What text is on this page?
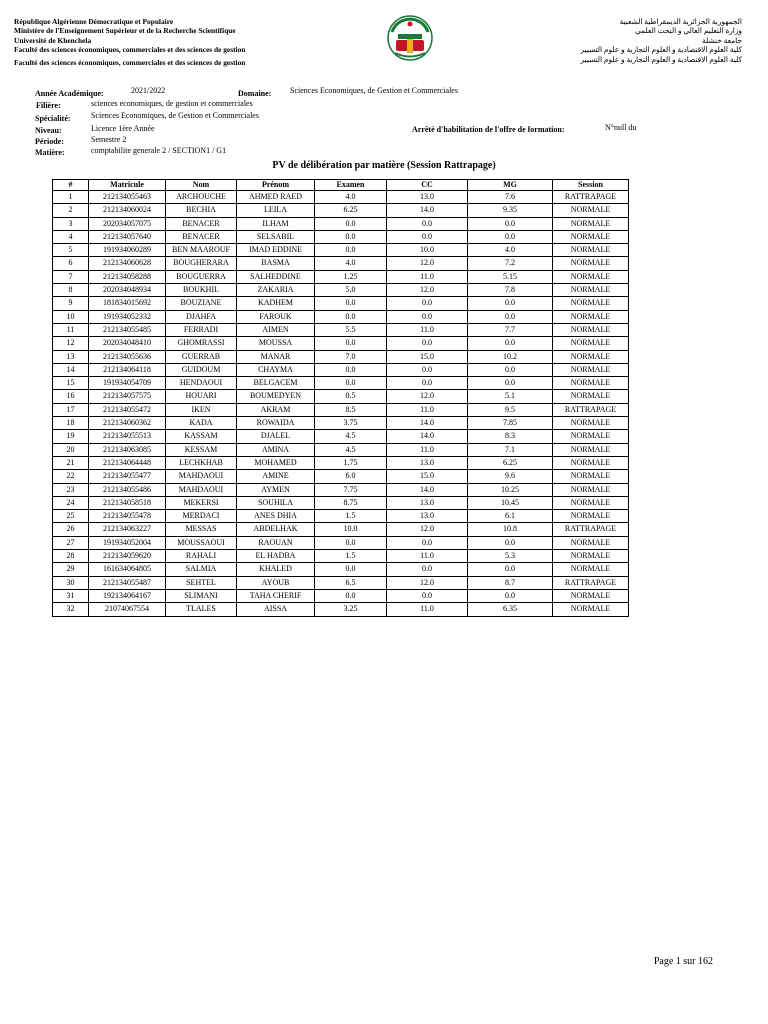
République Algérienne Démocratique et Populaire
Ministère de l'Enseignement Supérieur et de la Recherche Scientifique
Université de Khenchela
Faculté des sciences économiques, commerciales et des sciences de gestion
Faculté des sciences économiques, commerciales et des sciences de gestion
الجمهورية الجزائرية الديمقراطية الشعبية
وزارة التعليم العالي و البحث العلمي
جامعة خنشلة
كلية العلوم الاقتصادية و العلوم التجارية و علوم التسيير
كلية العلوم الاقتصادية و العلوم التجارية و علوم التسيير
Année Académique:	2021/2022	Domaine: Sciences Economiques, de Gestion et Commerciales
Filière:	sciences economiques, de gestion et commerciales
Spécialité:	Sciences Economiques, de Gestion et Commerciales
Niveau:	Licence 1ère Année	Arrêté d'habilitation de l'offre de formation:	N°null du
Période:	Semestre 2
Matière:	comptabilite generale 2 / SECTION1 / G1
PV de délibération par matière (Session Rattrapage)
#	Matricule	Nom	Prénom	Examen	CC	MG	Session
1	212134055463	ARCHOUCHE	AHMED RAED	4.0	13.0	7.6	RATTRAPAGE
2	212134060024	BECHIA	LEILA	6.25	14.0	9.35	NORMALE
3	202034057075	BENACER	ILHAM	0.0	0.0	0.0	NORMALE
4	212134057640	BENACER	SELSABIL	0.0	0.0	0.0	NORMALE
5	191934060289	BEN MAAROUF	IMAD EDDINE	0.0	10.0	4.0	NORMALE
6	212134060628	BOUGHERARA	BASMA	4.0	12.0	7.2	NORMALE
7	212134058288	BOUGUERRA	SALHEDDINE	1.25	11.0	5.15	NORMALE
8	202034048934	BOUKHIL	ZAKARIA	5.0	12.0	7.8	NORMALE
9	181834015692	BOUZIANE	KADHEM	0.0	0.0	0.0	NORMALE
10	191934052332	DJAHFA	FAROUK	0.0	0.0	0.0	NORMALE
11	212134055485	FERRADI	AIMEN	5.5	11.0	7.7	NORMALE
12	202034048410	GHOMRASSI	MOUSSA	0.0	0.0	0.0	NORMALE
13	212134055636	GUERRAB	MANAR	7.0	15.0	10.2	NORMALE
14	212134064118	GUIDOUM	CHAYMA	0.0	0.0	0.0	NORMALE
15	191934054709	HENDAOUI	BELGACEM	0.0	0.0	0.0	NORMALE
16	212134057575	HOUARI	BOUMEDYEN	0.5	12.0	5.1	NORMALE
17	212134055472	IKEN	AKRAM	8.5	11.0	9.5	RATTRAPAGE
18	212134060362	KADA	ROWAIDA	3.75	14.0	7.85	NORMALE
19	212134055513	KASSAM	DJALEL	4.5	14.0	8.3	NORMALE
20	212134063085	KESSAM	AMINA	4.5	11.0	7.1	NORMALE
21	212134064448	LECHKHAB	MOHAMED	1.75	13.0	6.25	NORMALE
22	212134055477	MAHDAOUI	AMINE	6.0	15.0	9.6	NORMALE
23	212134055486	MAHDAOUI	AYMEN	7.75	14.0	10.25	NORMALE
24	212134058518	MEKERSI	SOUHILA	8.75	13.0	10.45	NORMALE
25	212134055478	MERDACI	ANES DHIA	1.5	13.0	6.1	NORMALE
26	212134063227	MESSAS	ABDELHAK	10.0	12.0	10.8	RATTRAPAGE
27	191934052004	MOUSSAOUI	RAOUAN	0.0	0.0	0.0	NORMALE
28	212134059620	RAHALI	EL HADBA	1.5	11.0	5.3	NORMALE
29	161634064805	SALMIA	KHALED	0.0	0.0	0.0	NORMALE
30	212134055487	SEHTEL	AYOUB	6.5	12.0	8.7	RATTRAPAGE
31	192134064167	SLIMANI	TAHA CHERIF	0.0	0.0	0.0	NORMALE
32	21074067554	TLALES	AISSA	3.25	11.0	6.35	NORMALE
Page 1 sur 162
